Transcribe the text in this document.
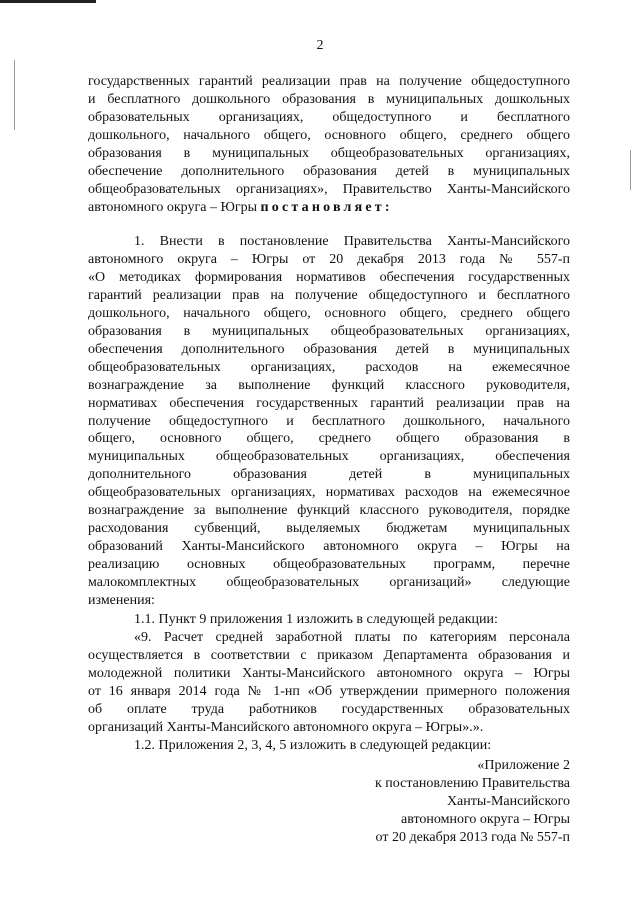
2
государственных гарантий реализации прав на получение общедоступного
и бесплатного дошкольного образования в муниципальных дошкольных
образовательных организациях, общедоступного и бесплатного
дошкольного, начального общего, основного общего, среднего общего
образования в муниципальных общеобразовательных организациях,
обеспечение дополнительного образования детей в муниципальных
общеобразовательных организациях», Правительство Ханты-Мансийского
автономного округа – Югры постановляет:
1. Внести в постановление Правительства Ханты-Мансийского
автономного округа – Югры от 20 декабря 2013 года № 557-п
«О методиках формирования нормативов обеспечения государственных
гарантий реализации прав на получение общедоступного и бесплатного
дошкольного, начального общего, основного общего, среднего общего
образования в муниципальных общеобразовательных организациях,
обеспечения дополнительного образования детей в муниципальных
общеобразовательных организациях, расходов на ежемесячное
вознаграждение за выполнение функций классного руководителя,
нормативах обеспечения государственных гарантий реализации прав на
получение общедоступного и бесплатного дошкольного, начального
общего, основного общего, среднего общего образования в
муниципальных общеобразовательных организациях, обеспечения
дополнительного образования детей в муниципальных
общеобразовательных организациях, нормативах расходов на ежемесячное
вознаграждение за выполнение функций классного руководителя, порядке
расходования субвенций, выделяемых бюджетам муниципальных
образований Ханты-Мансийского автономного округа – Югры на
реализацию основных общеобразовательных программ, перечне
малокомплектных общеобразовательных организаций» следующие
изменения:
1.1. Пункт 9 приложения 1 изложить в следующей редакции:
«9. Расчет средней заработной платы по категориям персонала
осуществляется в соответствии с приказом Департамента образования и
молодежной политики Ханты-Мансийского автономного округа – Югры
от 16 января 2014 года № 1-нп «Об утверждении примерного положения
об оплате труда работников государственных образовательных
организаций Ханты-Мансийского автономного округа – Югры».».
1.2. Приложения 2, 3, 4, 5 изложить в следующей редакции:
«Приложение 2
к постановлению Правительства
Ханты-Мансийского
автономного округа – Югры
от 20 декабря 2013 года № 557-п
